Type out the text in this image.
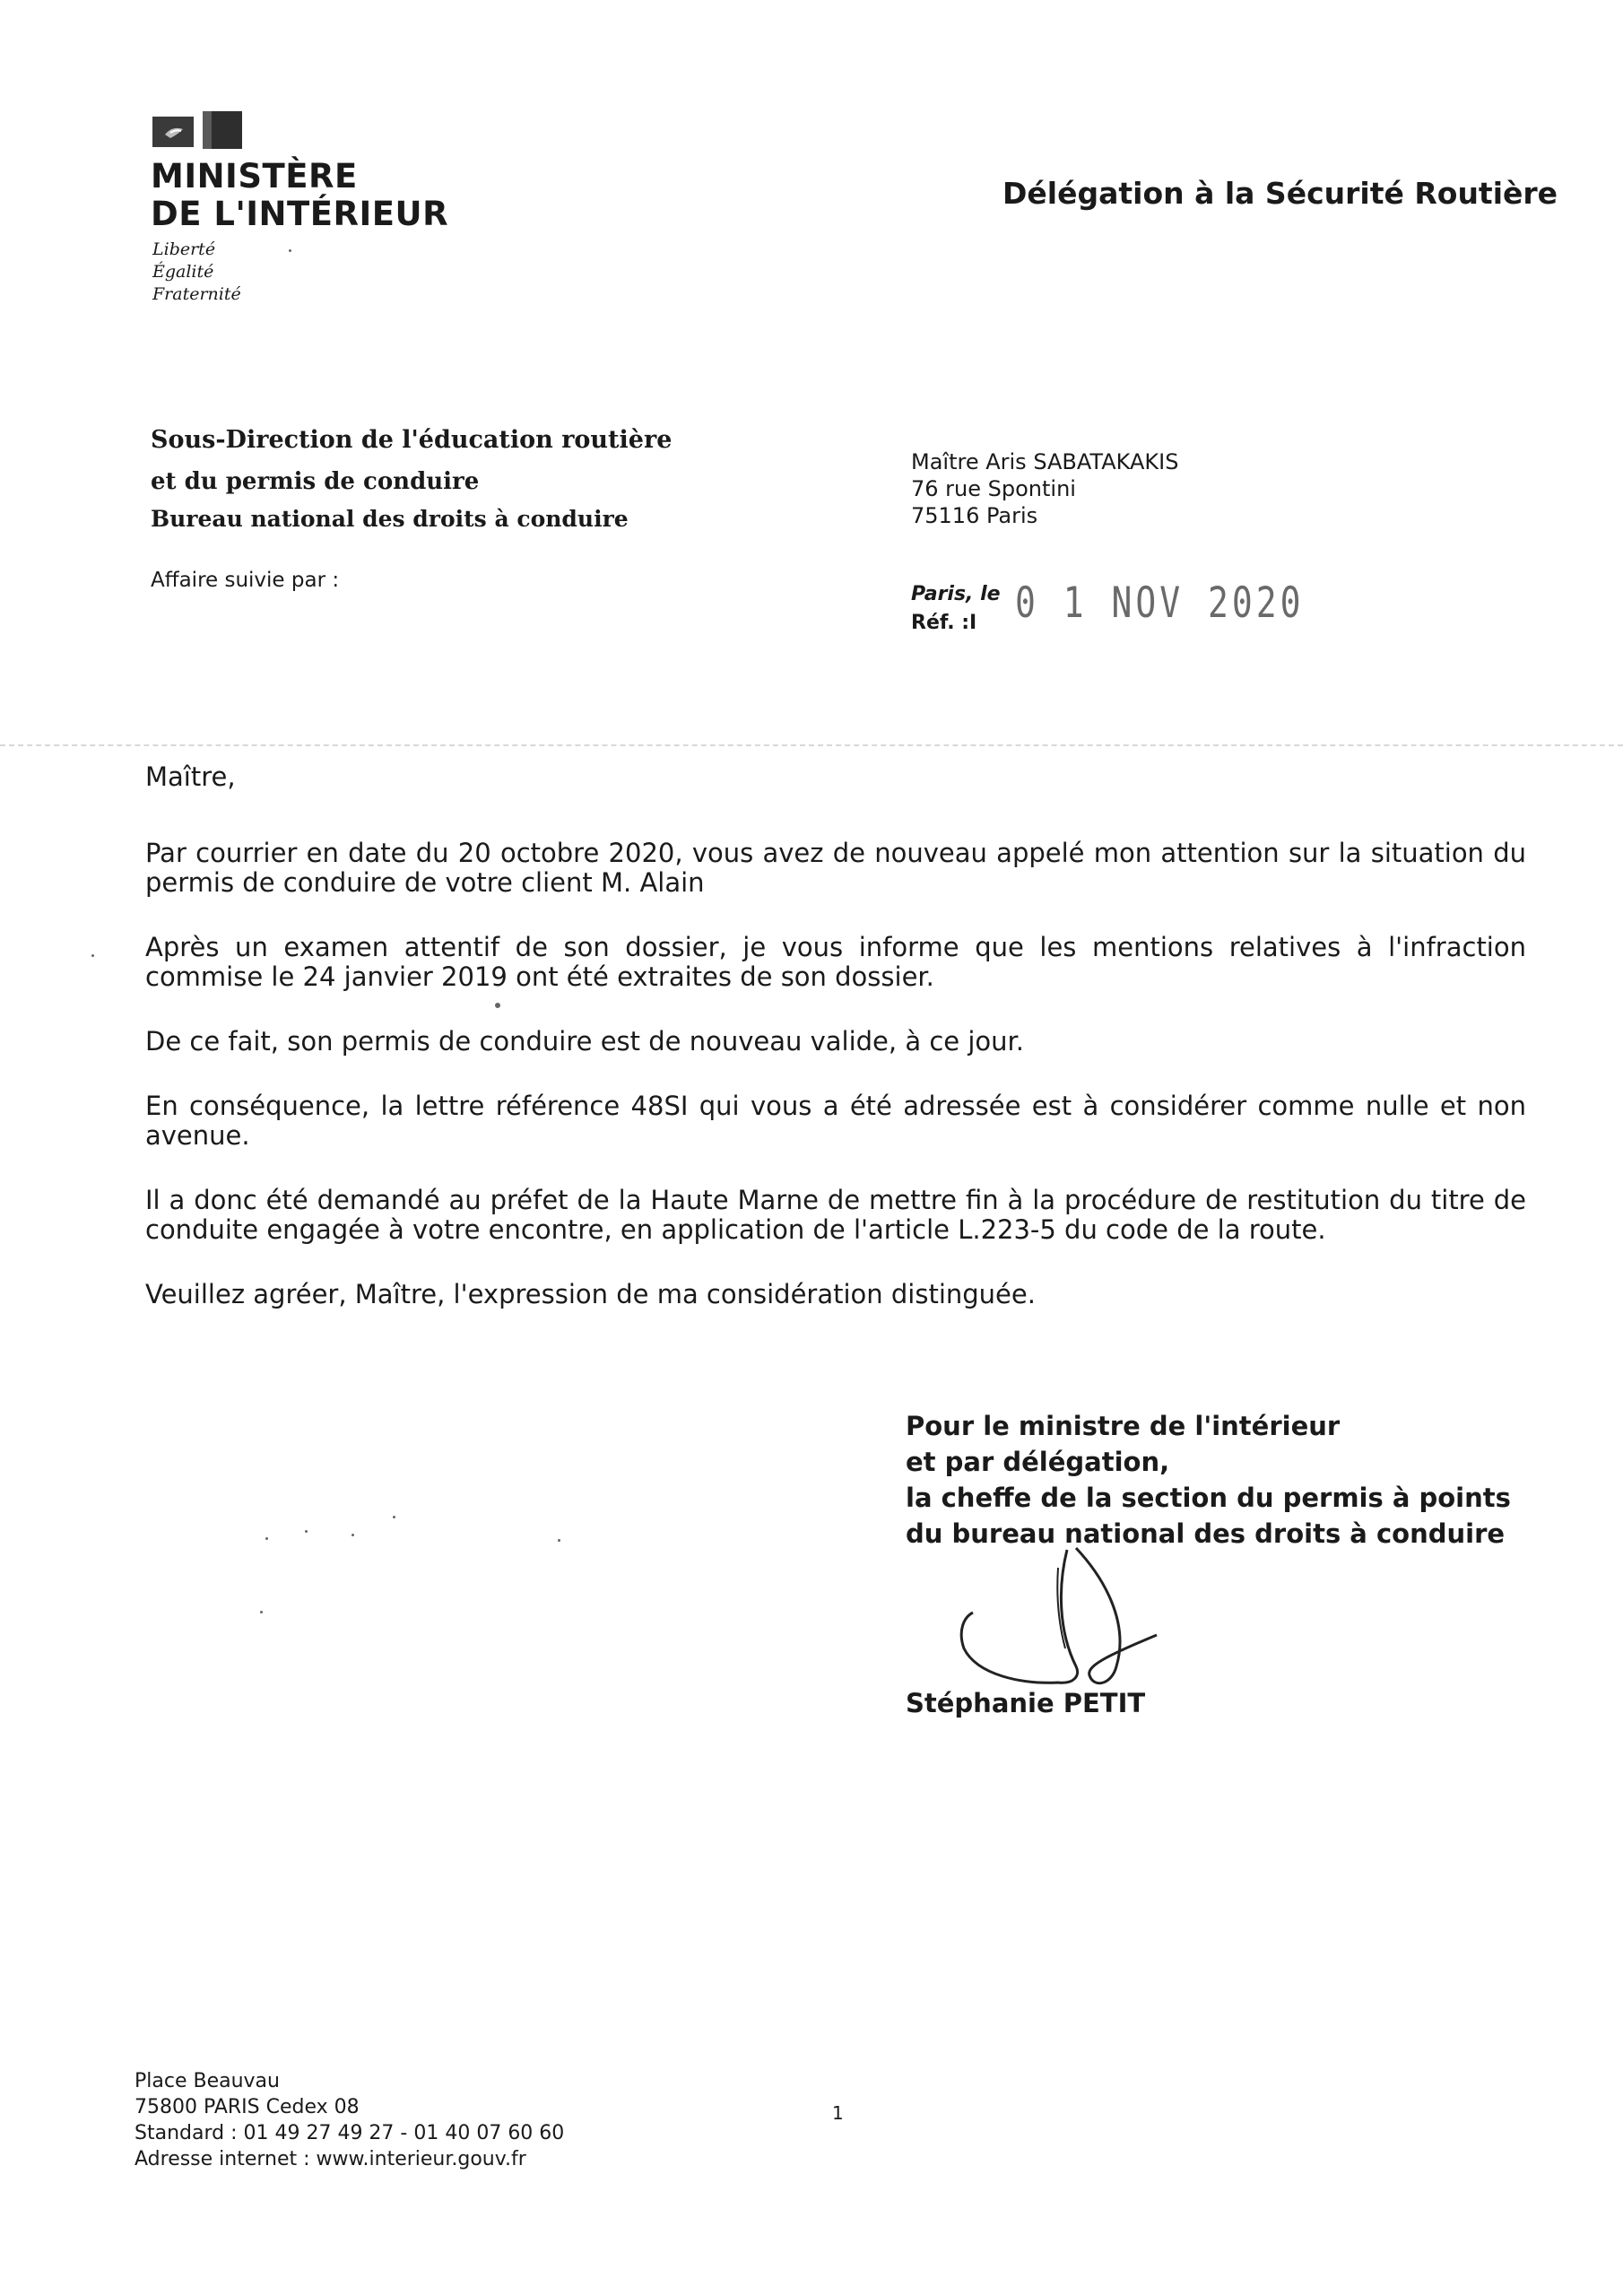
MINISTÈRE
DE L'INTÉRIEUR
Liberté
Égalité
Fraternité
Délégation à la Sécurité Routière
Sous-Direction de l'éducation routière
et du permis de conduire
Bureau national des droits à conduire
Affaire suivie par :
Maître Aris SABATAKAKIS
76 rue Spontini
75116 Paris
Paris, le 0 1 NOV 2020
Réf. :I
Maître,

Par courrier en date du 20 octobre 2020, vous avez de nouveau appelé mon attention sur la situation du permis de conduire de votre client M. Alain

Après un examen attentif de son dossier, je vous informe que les mentions relatives à l'infraction commise le 24 janvier 2019 ont été extraites de son dossier.

De ce fait, son permis de conduire est de nouveau valide, à ce jour.

En conséquence, la lettre référence 48SI qui vous a été adressée est à considérer comme nulle et non avenue.

Il a donc été demandé au préfet de la Haute Marne de mettre fin à la procédure de restitution du titre de conduite engagée à votre encontre, en application de l'article L.223-5 du code de la route.

Veuillez agréer, Maître, l'expression de ma considération distinguée.

Pour le ministre de l'intérieur
et par délégation,
la cheffe de la section du permis à points
du bureau national des droits à conduire
Stéphanie PETIT
Place Beauvau
75800 PARIS Cedex 08
Standard : 01 49 27 49 27 - 01 40 07 60 60
Adresse internet : www.interieur.gouv.fr
1
